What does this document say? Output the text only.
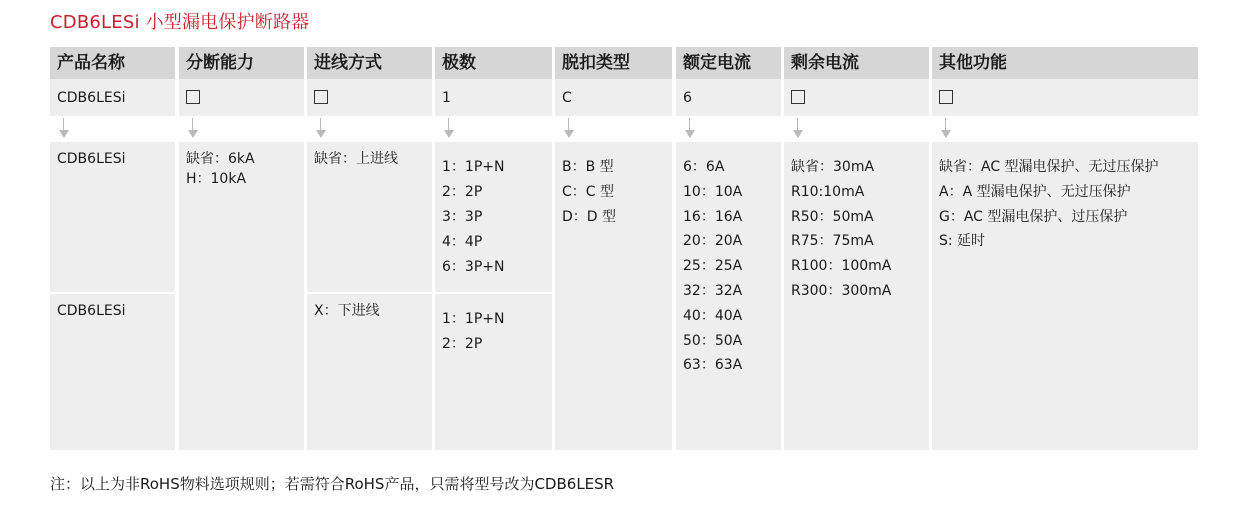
CDB6LESi 小型漏电保护断路器
产品名称
CDB6LESi
CDB6LESi
CDB6LESi
分断能力
缺省：6kA
H：10kA
进线方式
缺省：上进线
X：下进线
极数
1
1：1P+N
2：2P
3：3P
4：4P
6：3P+N
1：1P+N
2：2P
脱扣类型
C
B：B 型
C：C 型
D：D 型
额定电流
6
6：6A
10：10A
16：16A
20：20A
25：25A
32：32A
40：40A
50：50A
63：63A
剩余电流
缺省：30mA
R10:10mA
R50：50mA
R75：75mA
R100：100mA
R300：300mA
其他功能
缺省：AC 型漏电保护、无过压保护
A：A 型漏电保护、无过压保护
G：AC 型漏电保护、过压保护
S: 延时
注：以上为非RoHS物料选项规则；若需符合RoHS产品，只需将型号改为CDB6LESR
